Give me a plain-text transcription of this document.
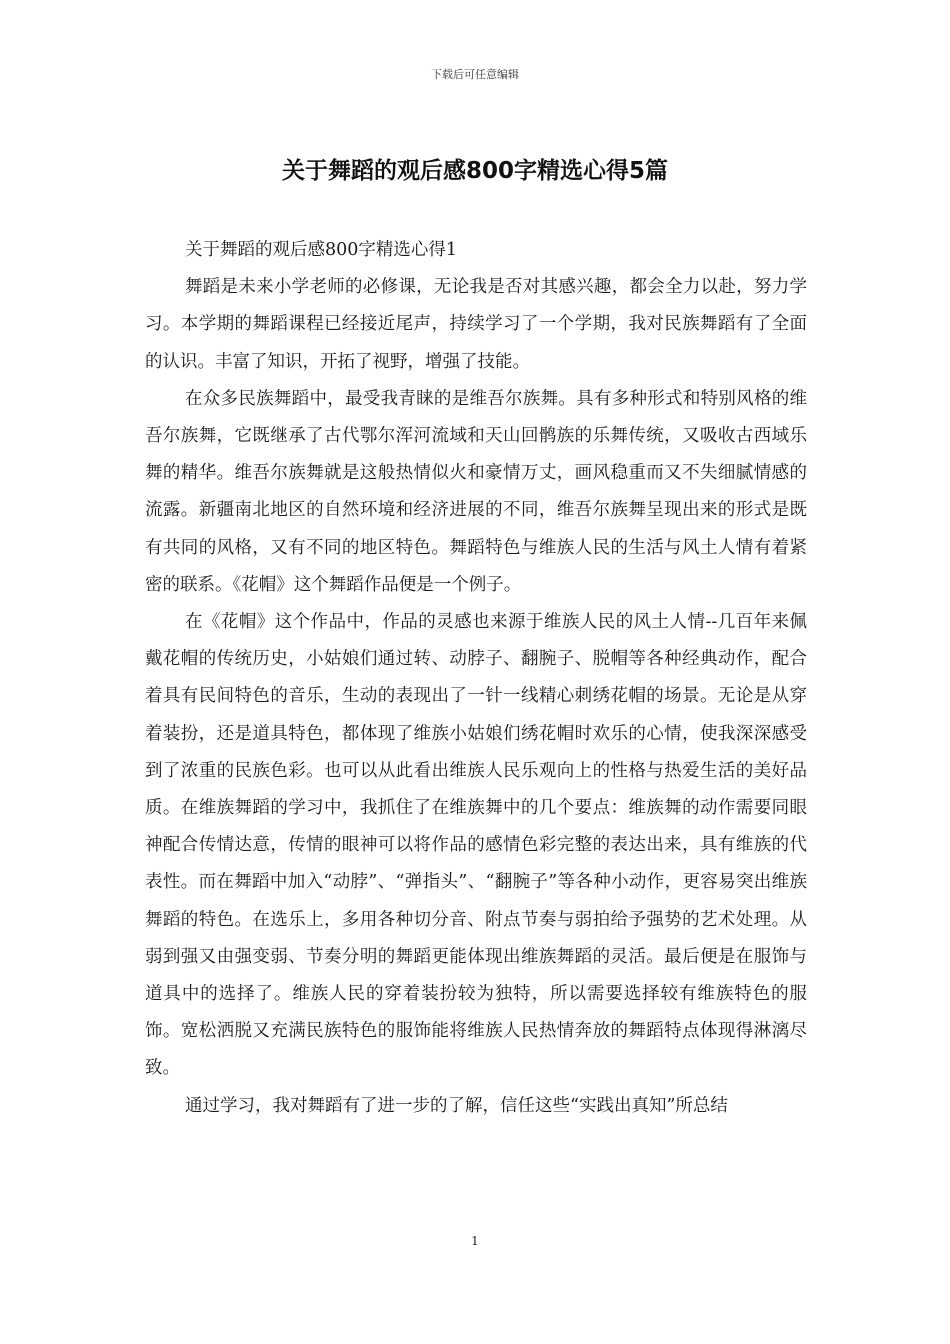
下载后可任意编辑
关于舞蹈的观后感800字精选心得5篇

关于舞蹈的观后感800字精选心得1

舞蹈是未来小学老师的必修课，无论我是否对其感兴趣，都会全力以赴，努力学习。本学期的舞蹈课程已经接近尾声，持续学习了一个学期，我对民族舞蹈有了全面的认识。丰富了知识，开拓了视野，增强了技能。

在众多民族舞蹈中，最受我青睐的是维吾尔族舞。具有多种形式和特别风格的维吾尔族舞，它既继承了古代鄂尔浑河流域和天山回鹘族的乐舞传统，又吸收古西域乐舞的精华。维吾尔族舞就是这般热情似火和豪情万丈，画风稳重而又不失细腻情感的流露。新疆南北地区的自然环境和经济进展的不同，维吾尔族舞呈现出来的形式是既有共同的风格，又有不同的地区特色。舞蹈特色与维族人民的生活与风土人情有着紧密的联系。《花帽》这个舞蹈作品便是一个例子。

在《花帽》这个作品中，作品的灵感也来源于维族人民的风土人情--几百年来佩戴花帽的传统历史，小姑娘们通过转、动脖子、翻腕子、脱帽等各种经典动作，配合着具有民间特色的音乐，生动的表现出了一针一线精心刺绣花帽的场景。无论是从穿着装扮，还是道具特色，都体现了维族小姑娘们绣花帽时欢乐的心情，使我深深感受到了浓重的民族色彩。也可以从此看出维族人民乐观向上的性格与热爱生活的美好品质。在维族舞蹈的学习中，我抓住了在维族舞中的几个要点：维族舞的动作需要同眼神配合传情达意，传情的眼神可以将作品的感情色彩完整的表达出来，具有维族的代表性。而在舞蹈中加入“动脖”、“弹指头”、“翻腕子”等各种小动作，更容易突出维族舞蹈的特色。在选乐上，多用各种切分音、附点节奏与弱拍给予强势的艺术处理。从弱到强又由强变弱、节奏分明的舞蹈更能体现出维族舞蹈的灵活。最后便是在服饰与道具中的选择了。维族人民的穿着装扮较为独特，所以需要选择较有维族特色的服饰。宽松洒脱又充满民族特色的服饰能将维族人民热情奔放的舞蹈特点体现得淋漓尽致。

通过学习，我对舞蹈有了进一步的了解，信任这些“实践出真知”所总结

1
